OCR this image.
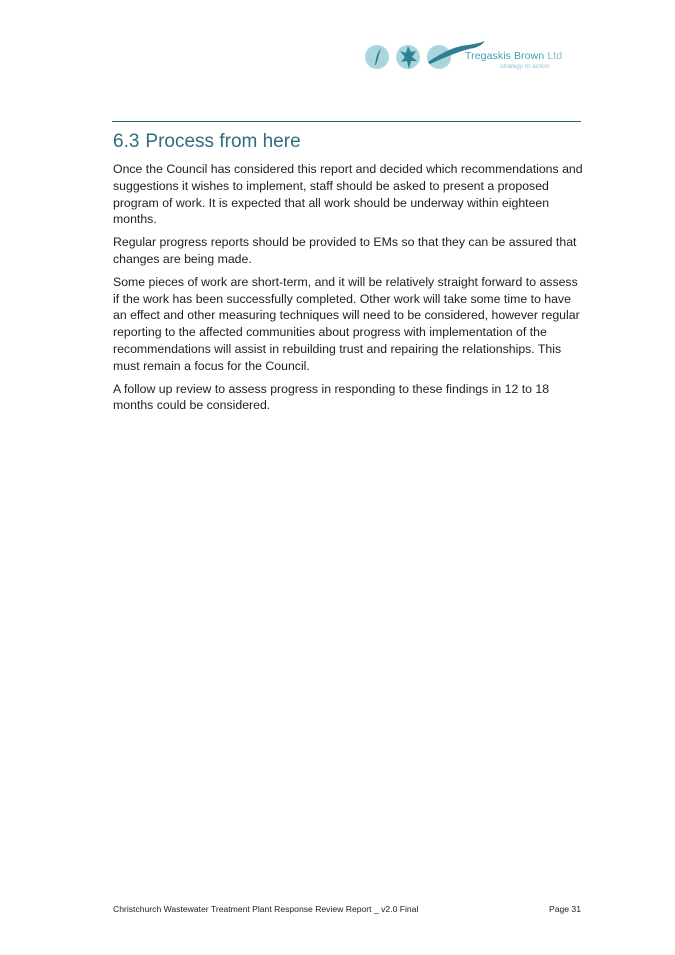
Tregaskis Brown Ltd
strategy to action
6.3 Process from here

Once the Council has considered this report and decided which recommendations and suggestions it wishes to implement, staff should be asked to present a proposed program of work. It is expected that all work should be underway within eighteen months.

Regular progress reports should be provided to EMs so that they can be assured that changes are being made.

Some pieces of work are short-term, and it will be relatively straight forward to assess if the work has been successfully completed. Other work will take some time to have an effect and other measuring techniques will need to be considered, however regular reporting to the affected communities about progress with implementation of the recommendations will assist in rebuilding trust and repairing the relationships. This must remain a focus for the Council.

A follow up review to assess progress in responding to these findings in 12 to 18 months could be considered.

Christchurch Wastewater Treatment Plant Response Review Report _ v2.0 Final	Page 31
